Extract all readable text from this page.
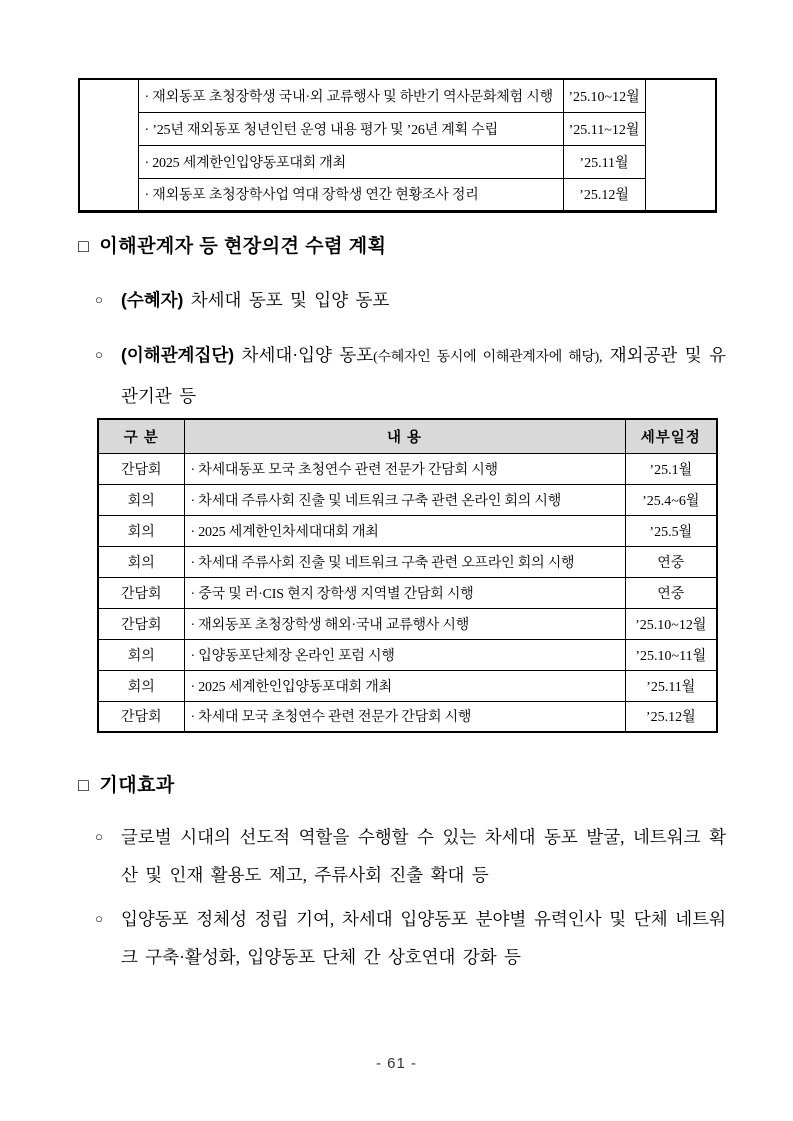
	· 재외동포 초청장학생 국내·외 교류행사 및 하반기 역사문화체험 시행	’25.10~12월	
	· ’25년 재외동포 청년인턴 운영 내용 평가 및 ’26년 계획 수립	’25.11~12월	
	· 2025 세계한인입양동포대회 개최	’25.11월	
	· 재외동포 초청장학사업 역대 장학생 연간 현황조사 정리	’25.12월	
□ 이해관계자 등 현장의견 수렴 계획
○ (수혜자) 차세대 동포 및 입양 동포
○ (이해관계집단) 차세대·입양 동포(수혜자인 동시에 이해관계자에 해당), 재외공관 및 유관기관 등
구 분	내 용	세부일정
간담회	· 차세대동포 모국 초청연수 관련 전문가 간담회 시행	’25.1월
회의	· 차세대 주류사회 진출 및 네트워크 구축 관련 온라인 회의 시행	’25.4~6월
회의	· 2025 세계한인차세대대회 개최	’25.5월
회의	· 차세대 주류사회 진출 및 네트워크 구축 관련 오프라인 회의 시행	연중
간담회	· 중국 및 러·CIS 현지 장학생 지역별 간담회 시행	연중
간담회	· 재외동포 초청장학생 해외·국내 교류행사 시행	’25.10~12월
회의	· 입양동포단체장 온라인 포럼 시행	’25.10~11월
회의	· 2025 세계한인입양동포대회 개최	’25.11월
간담회	· 차세대 모국 초청연수 관련 전문가 간담회 시행	’25.12월
□ 기대효과
○ 글로벌 시대의 선도적 역할을 수행할 수 있는 차세대 동포 발굴, 네트워크 확산 및 인재 활용도 제고, 주류사회 진출 확대 등
○ 입양동포 정체성 정립 기여, 차세대 입양동포 분야별 유력인사 및 단체 네트워크 구축·활성화, 입양동포 단체 간 상호연대 강화 등
- 61 -
